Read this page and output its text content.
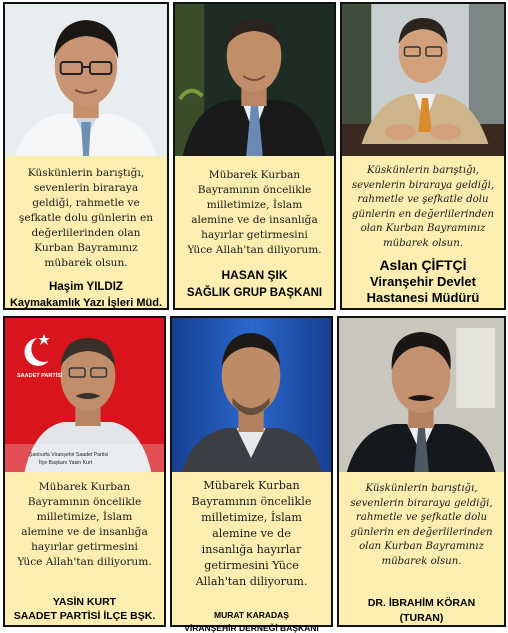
Küskünlerin barıştığı, sevenlerin biraraya geldiği, rahmetle ve şefkatle dolu günlerin en değerlilerinden olan Kurban Bayramınız mübarek olsun.
Haşim YILDIZ
Kaymakamlık Yazı İşleri Müd.
Mübarek Kurban Bayramının öncelikle milletimize, İslam alemine ve de insanlığa hayırlar getirmesini Yüce Allah'tan diliyorum.
HASAN ŞIK
SAĞLIK GRUP BAŞKANI
Küskünlerin barıştığı, sevenlerin biraraya geldiği, rahmetle ve şefkatle dolu günlerin en değerlilerinden olan Kurban Bayramınız mübarek olsun.
Aslan ÇİFTÇİ
Viranşehir Devlet Hastanesi Müdürü
SAADET PARTİSİ
Şanlıurfa Viranşehir Saadet Partisi
İlçe Başkanı Yasin Kurt
Mübarek Kurban Bayramının öncelikle milletimize, İslam alemine ve de insanlığa hayırlar getirmesini Yüce Allah'tan diliyorum.
YASİN KURT
SAADET PARTİSİ İLÇE BŞK.
Mübarek Kurban Bayramının öncelikle milletimize, İslam alemine ve de insanlığa hayırlar getirmesini Yüce Allah'tan diliyorum.
MURAT KARADAŞ
VİRANŞEHİR DERNEĞİ BAŞKANI
Küskünlerin barıştığı, sevenlerin biraraya geldiği, rahmetle ve şefkatle dolu günlerin en değerlilerinden olan Kurban Bayramınız mübarek olsun.
DR. İBRAHİM KÖRAN
(TURAN)
